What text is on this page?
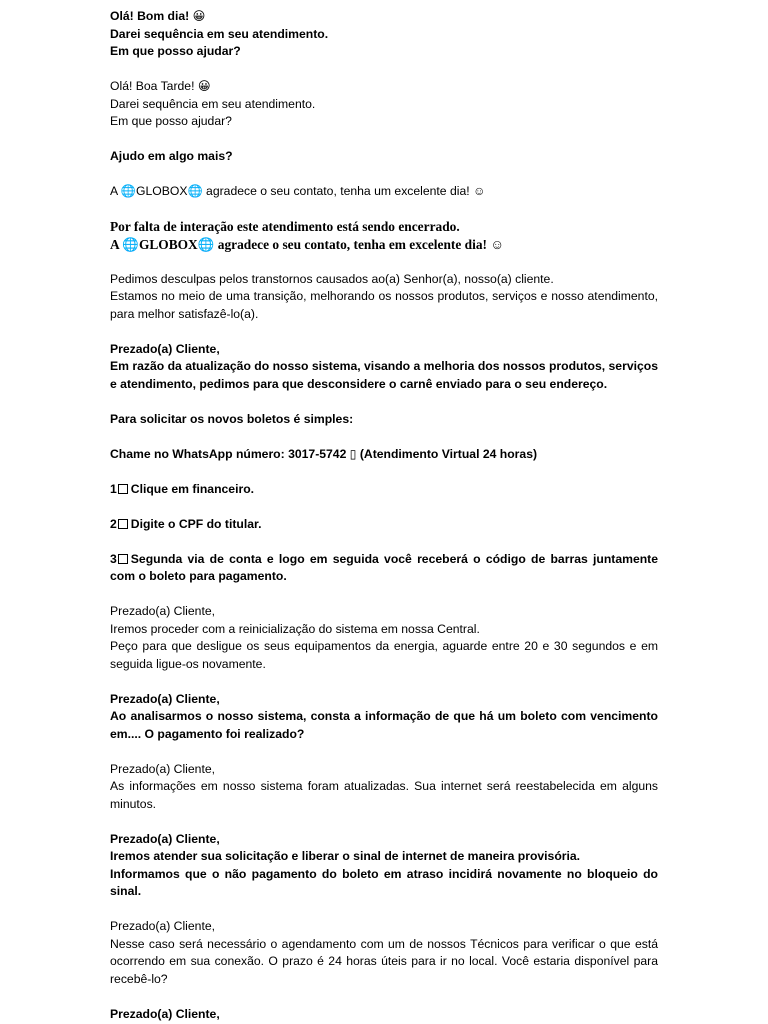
Olá! Bom dia! 😀
Darei sequência em seu atendimento.
Em que posso ajudar?
Olá! Boa Tarde! 😀
Darei sequência em seu atendimento.
Em que posso ajudar?
Ajudo em algo mais?
A 🌐GLOBOX🌐 agradece o seu contato, tenha um excelente dia! ☺
Por falta de interação este atendimento está sendo encerrado.
A 🌐GLOBOX🌐 agradece o seu contato, tenha em excelente dia! ☺
Pedimos desculpas pelos transtornos causados ao(a) Senhor(a), nosso(a) cliente.
Estamos no meio de uma transição, melhorando os nossos produtos, serviços e nosso atendimento, para melhor satisfazê-lo(a).
Prezado(a) Cliente,
Em razão da atualização do nosso sistema, visando a melhoria dos nossos produtos, serviços e atendimento, pedimos para que desconsidere o carnê enviado para o seu endereço.
Para solicitar os novos boletos é simples:
Chame no WhatsApp número: 3017-5742 ▯ (Atendimento Virtual 24 horas)
1 Clique em financeiro.
2 Digite o CPF do titular.
3 Segunda via de conta e logo em seguida você receberá o código de barras juntamente com o boleto para pagamento.
Prezado(a) Cliente,
Iremos proceder com a reinicialização do sistema em nossa Central.
Peço para que desligue os seus equipamentos da energia, aguarde entre 20 e 30 segundos e em seguida ligue-os novamente.
Prezado(a) Cliente,
Ao analisarmos o nosso sistema, consta a informação de que há um boleto com vencimento em.... O pagamento foi realizado?
Prezado(a) Cliente,
As informações em nosso sistema foram atualizadas. Sua internet será reestabelecida em alguns minutos.
Prezado(a) Cliente,
Iremos atender sua solicitação e liberar o sinal de internet de maneira provisória.
Informamos que o não pagamento do boleto em atraso incidirá novamente no bloqueio do sinal.
Prezado(a) Cliente,
Nesse caso será necessário o agendamento com um de nossos Técnicos para verificar o que está ocorrendo em sua conexão. O prazo é 24 horas úteis para ir no local. Você estaria disponível para recebê-lo?
Prezado(a) Cliente,
